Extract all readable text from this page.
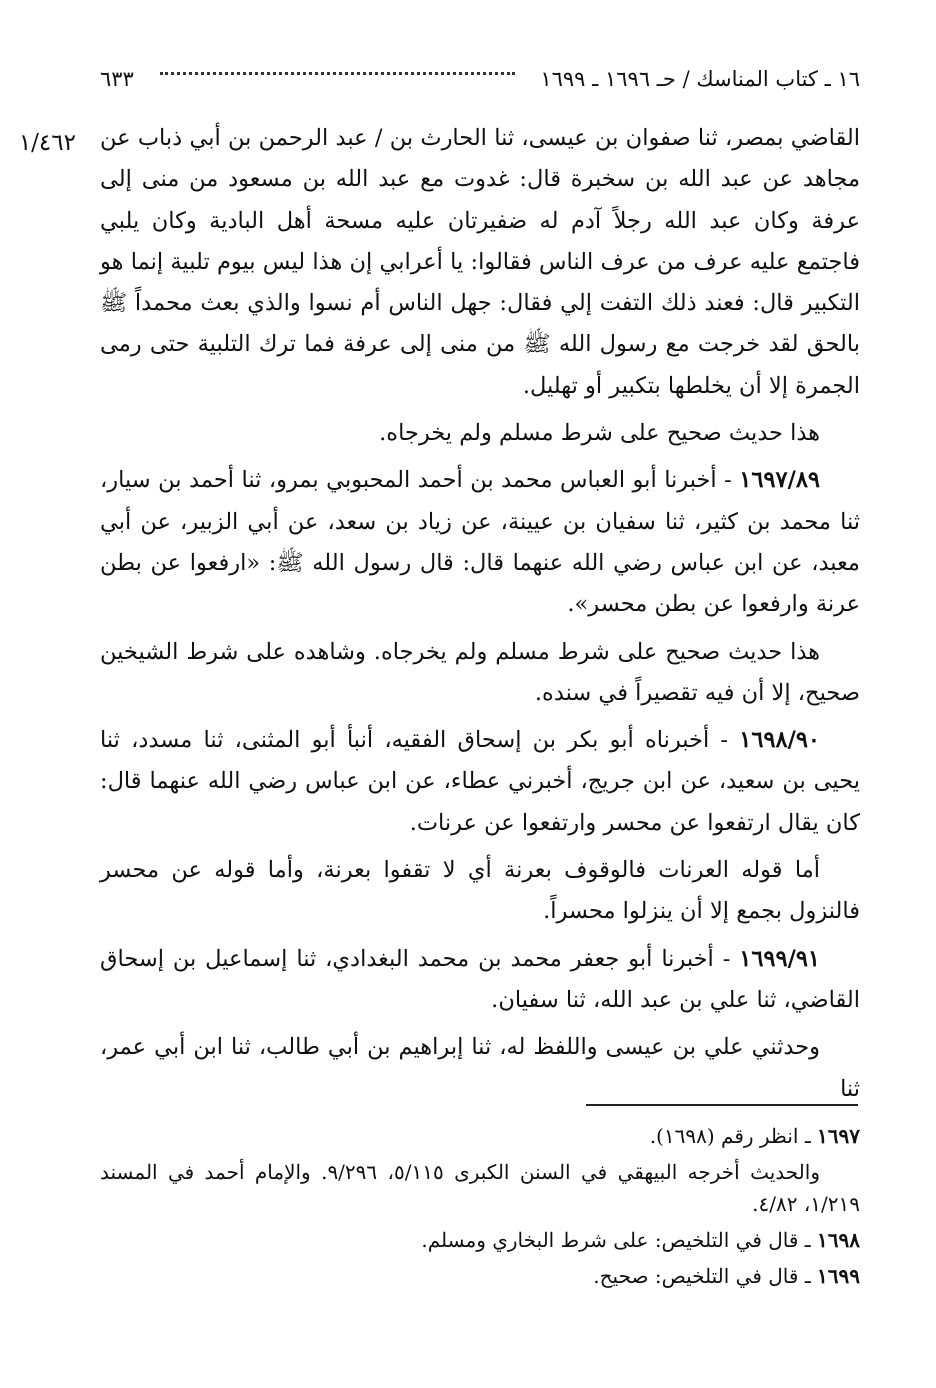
١٦ ـ كتاب المناسك / حـ ١٦٩٦ ـ ١٦٩٩
٦٣٣
١/٤٦٢ القاضي بمصر، ثنا صفوان بن عيسى، ثنا الحارث بن / عبد الرحمن بن أبي ذباب عن مجاهد عن عبد الله بن سخبرة قال: غدوت مع عبد الله بن مسعود من منى إلى عرفة وكان عبد الله رجلاً آدم له ضفيرتان عليه مسحة أهل البادية وكان يلبي فاجتمع عليه عرف من عرف الناس فقالوا: يا أعرابي إن هذا ليس بيوم تلبية إنما هو التكبير قال: فعند ذلك التفت إلي فقال: جهل الناس أم نسوا والذي بعث محمداً ﷺ بالحق لقد خرجت مع رسول الله ﷺ من منى إلى عرفة فما ترك التلبية حتى رمى الجمرة إلا أن يخلطها بتكبير أو تهليل.

هذا حديث صحيح على شرط مسلم ولم يخرجاه.

١٦٩٧/٨٩ - أخبرنا أبو العباس محمد بن أحمد المحبوبي بمرو، ثنا أحمد بن سيار، ثنا محمد بن كثير، ثنا سفيان بن عيينة، عن زياد بن سعد، عن أبي الزبير، عن أبي معبد، عن ابن عباس رضي الله عنهما قال: قال رسول الله ﷺ: «ارفعوا عن بطن عرنة وارفعوا عن بطن محسر».

هذا حديث صحيح على شرط مسلم ولم يخرجاه. وشاهده على شرط الشيخين صحيح، إلا أن فيه تقصيراً في سنده.

١٦٩٨/٩٠ - أخبرناه أبو بكر بن إسحاق الفقيه، أنبأ أبو المثنى، ثنا مسدد، ثنا يحيى بن سعيد، عن ابن جريج، أخبرني عطاء، عن ابن عباس رضي الله عنهما قال: كان يقال ارتفعوا عن محسر وارتفعوا عن عرنات.

أما قوله العرنات فالوقوف بعرنة أي لا تقفوا بعرنة، وأما قوله عن محسر فالنزول بجمع إلا أن ينزلوا محسراً.

١٦٩٩/٩١ - أخبرنا أبو جعفر محمد بن محمد البغدادي، ثنا إسماعيل بن إسحاق القاضي، ثنا علي بن عبد الله، ثنا سفيان.

وحدثني علي بن عيسى واللفظ له، ثنا إبراهيم بن أبي طالب، ثنا ابن أبي عمر، ثنا

١٦٩٧ ـ انظر رقم (١٦٩٨).

والحديث أخرجه البيهقي في السنن الكبرى ٥/١١٥، ٩/٢٩٦. والإمام أحمد في المسند ١/٢١٩، ٤/٨٢.

١٦٩٨ ـ قال في التلخيص: على شرط البخاري ومسلم.

١٦٩٩ ـ قال في التلخيص: صحيح.
